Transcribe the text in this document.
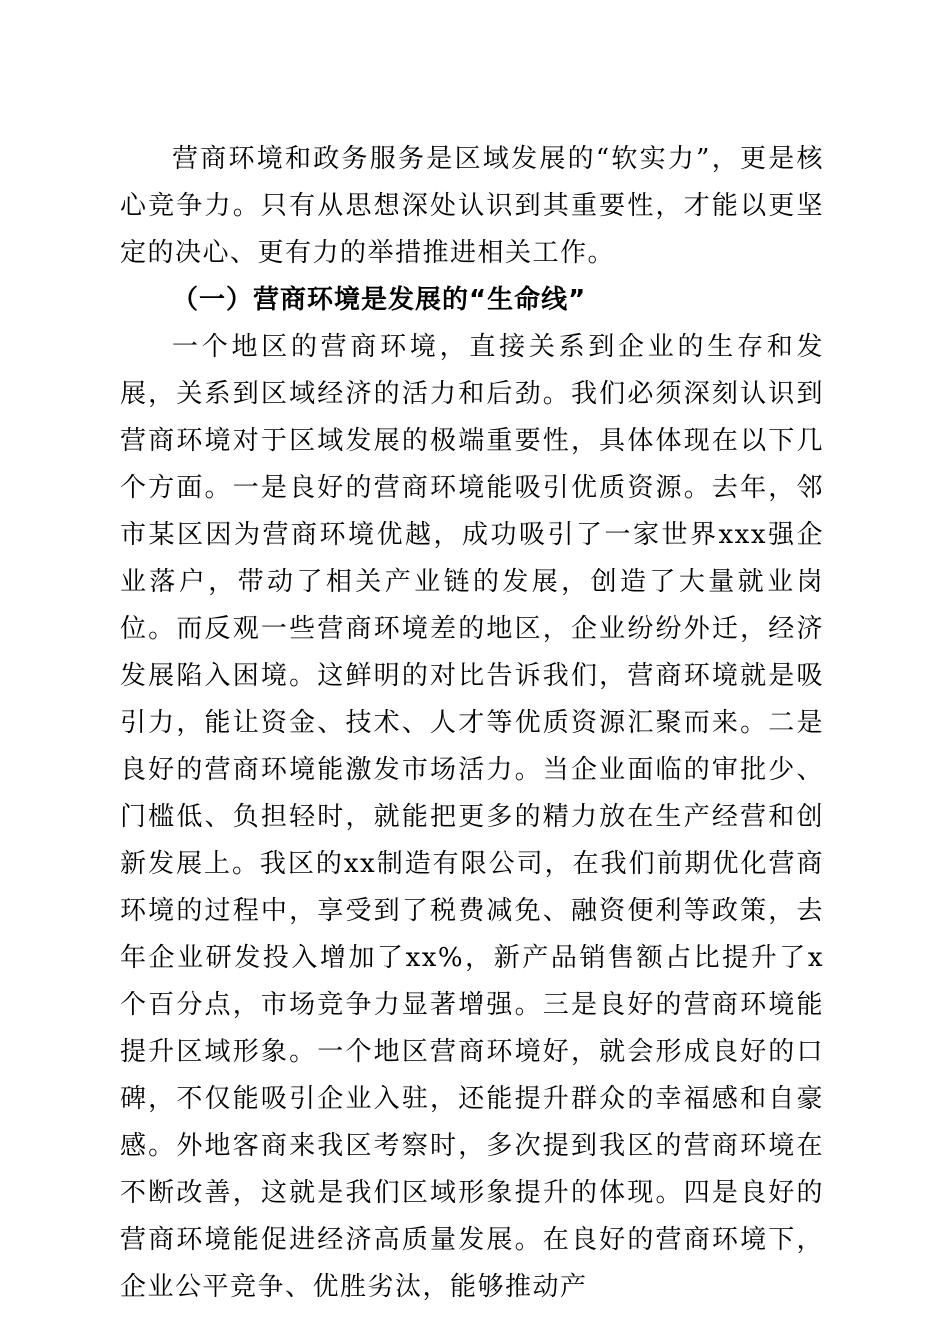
营商环境和政务服务是区域发展的“软实力”，更是核心竞争力。只有从思想深处认识到其重要性，才能以更坚定的决心、更有力的举措推进相关工作。

（一）营商环境是发展的“生命线”

一个地区的营商环境，直接关系到企业的生存和发展，关系到区域经济的活力和后劲。我们必须深刻认识到营商环境对于区域发展的极端重要性，具体体现在以下几个方面。一是良好的营商环境能吸引优质资源。去年，邻市某区因为营商环境优越，成功吸引了一家世界xxx强企业落户，带动了相关产业链的发展，创造了大量就业岗位。而反观一些营商环境差的地区，企业纷纷外迁，经济发展陷入困境。这鲜明的对比告诉我们，营商环境就是吸引力，能让资金、技术、人才等优质资源汇聚而来。二是良好的营商环境能激发市场活力。当企业面临的审批少、门槛低、负担轻时，就能把更多的精力放在生产经营和创新发展上。我区的xx制造有限公司，在我们前期优化营商环境的过程中，享受到了税费减免、融资便利等政策，去年企业研发投入增加了xx%，新产品销售额占比提升了x个百分点，市场竞争力显著增强。三是良好的营商环境能提升区域形象。一个地区营商环境好，就会形成良好的口碑，不仅能吸引企业入驻，还能提升群众的幸福感和自豪感。外地客商来我区考察时，多次提到我区的营商环境在不断改善，这就是我们区域形象提升的体现。四是良好的营商环境能促进经济高质量发展。在良好的营商环境下，企业公平竞争、优胜劣汰，能够推动产
